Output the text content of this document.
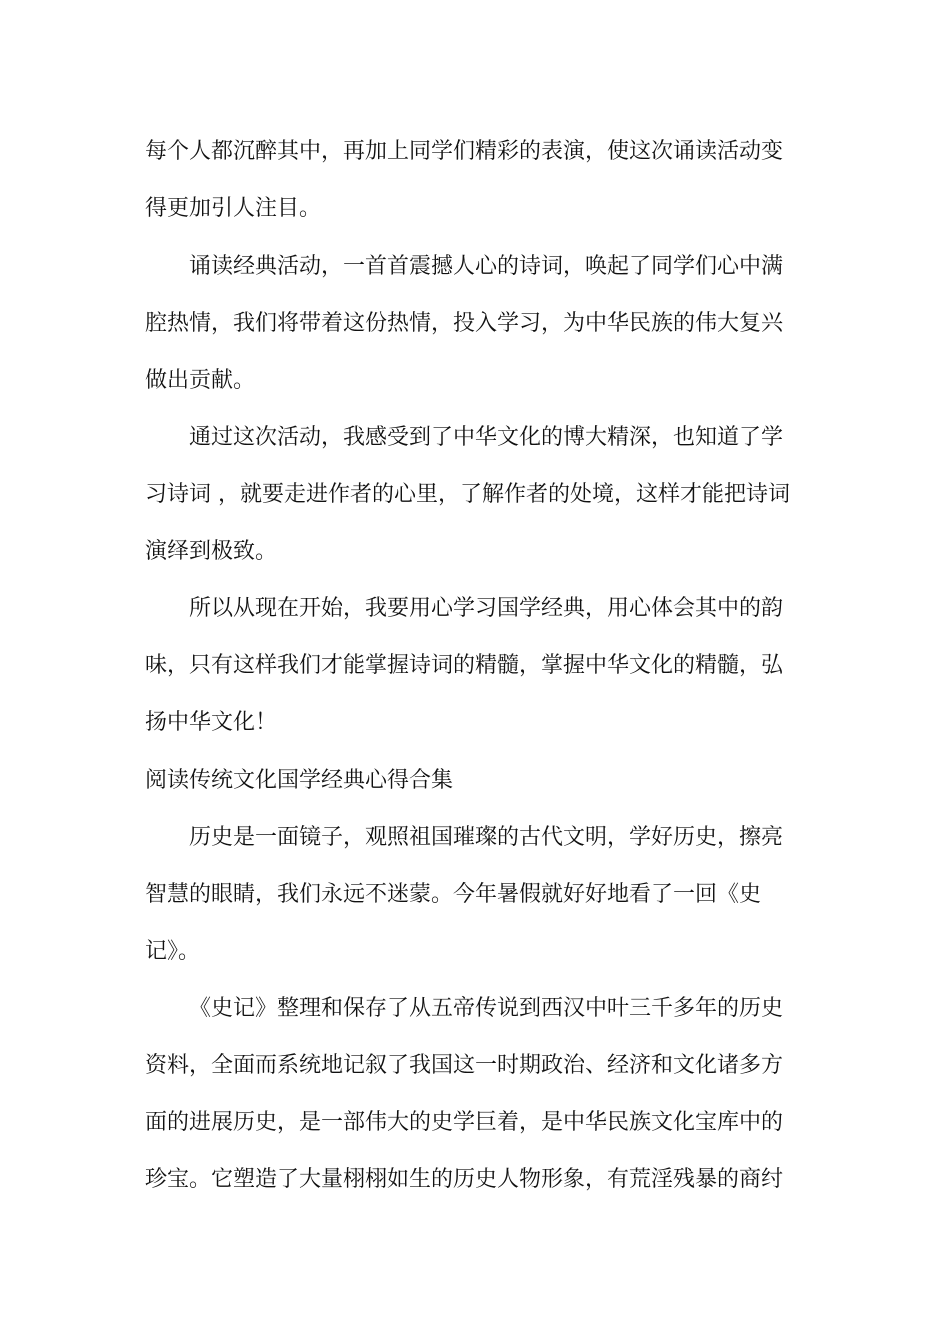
每个人都沉醉其中，再加上同学们精彩的表演，使这次诵读活动变
得更加引人注目。
诵读经典活动，一首首震撼人心的诗词，唤起了同学们心中满
腔热情，我们将带着这份热情，投入学习，为中华民族的伟大复兴
做出贡献。
通过这次活动，我感受到了中华文化的博大精深，也知道了学
习诗词 ，就要走进作者的心里，了解作者的处境，这样才能把诗词
演绎到极致。
所以从现在开始，我要用心学习国学经典，用心体会其中的韵
味，只有这样我们才能掌握诗词的精髓，掌握中华文化的精髓，弘
扬中华文化！
阅读传统文化国学经典心得合集
历史是一面镜子，观照祖国璀璨的古代文明，学好历史，擦亮
智慧的眼睛，我们永远不迷蒙。今年暑假就好好地看了一回《史
记》。
《史记》整理和保存了从五帝传说到西汉中叶三千多年的历史
资料，全面而系统地记叙了我国这一时期政治、经济和文化诸多方
面的进展历史，是一部伟大的史学巨着，是中华民族文化宝库中的
珍宝。它塑造了大量栩栩如生的历史人物形象，有荒淫残暴的商纣
